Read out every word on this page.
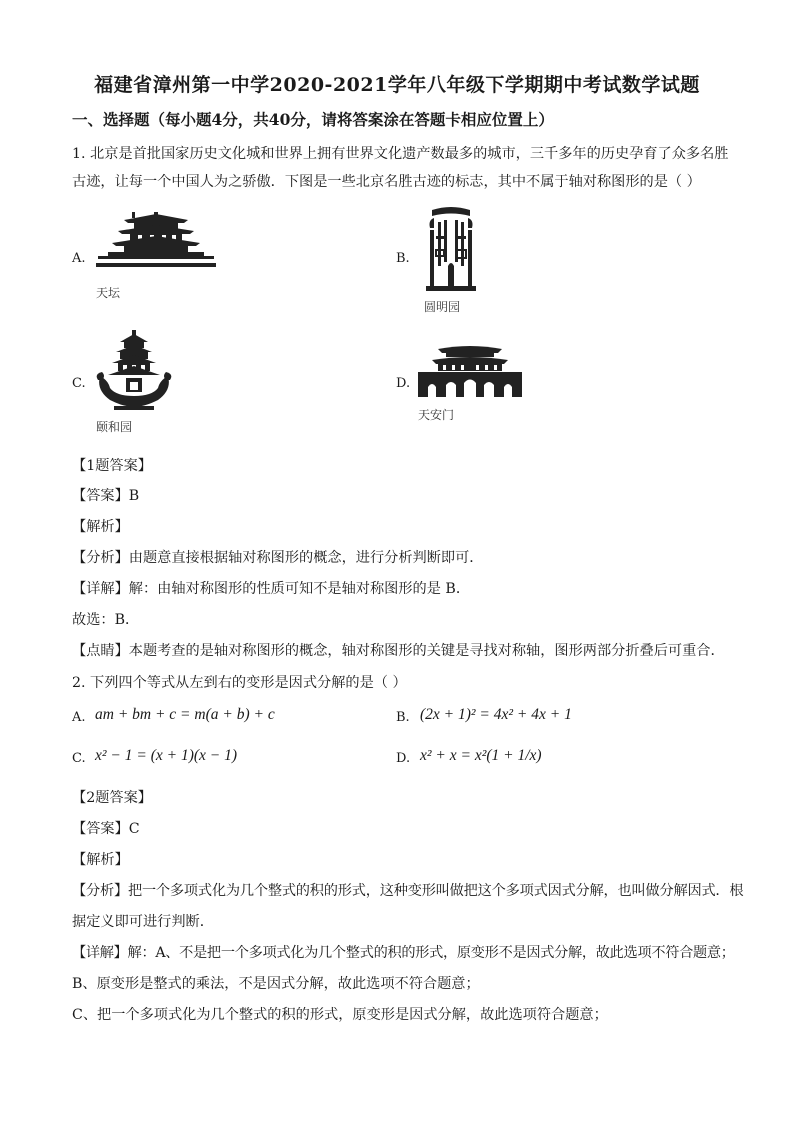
福建省漳州第一中学2020-2021学年八年级下学期期中考试数学试题
一、选择题（每小题4分，共40分，请将答案涂在答题卡相应位置上）
1. 北京是首批国家历史文化城和世界上拥有世界文化遗产数最多的城市，三千多年的历史孕育了众多名胜
古迹，让每一个中国人为之骄傲．下图是一些北京名胜古迹的标志，其中不属于轴对称图形的是（ ）
A.
天坛
B.
圆明园
C.
颐和园
D.
天安门
【1题答案】
【答案】B
【解析】
【分析】由题意直接根据轴对称图形的概念，进行分析判断即可．
【详解】解：由轴对称图形的性质可知不是轴对称图形的是 B．
故选：B．
【点睛】本题考查的是轴对称图形的概念，轴对称图形的关键是寻找对称轴，图形两部分折叠后可重合．
2. 下列四个等式从左到右的变形是因式分解的是（ ）
A. am + bm + c = m(a + b) + c	B. (2x + 1)² = 4x² + 4x + 1
C. x² − 1 = (x + 1)(x − 1)	D. x² + x = x²(1 + 1/x)
【2题答案】
【答案】C
【解析】
【分析】把一个多项式化为几个整式的积的形式，这种变形叫做把这个多项式因式分解，也叫做分解因式．根
据定义即可进行判断．
【详解】解：A、不是把一个多项式化为几个整式的积的形式，原变形不是因式分解，故此选项不符合题意；
B、原变形是整式的乘法，不是因式分解，故此选项不符合题意；
C、把一个多项式化为几个整式的积的形式，原变形是因式分解，故此选项符合题意；
